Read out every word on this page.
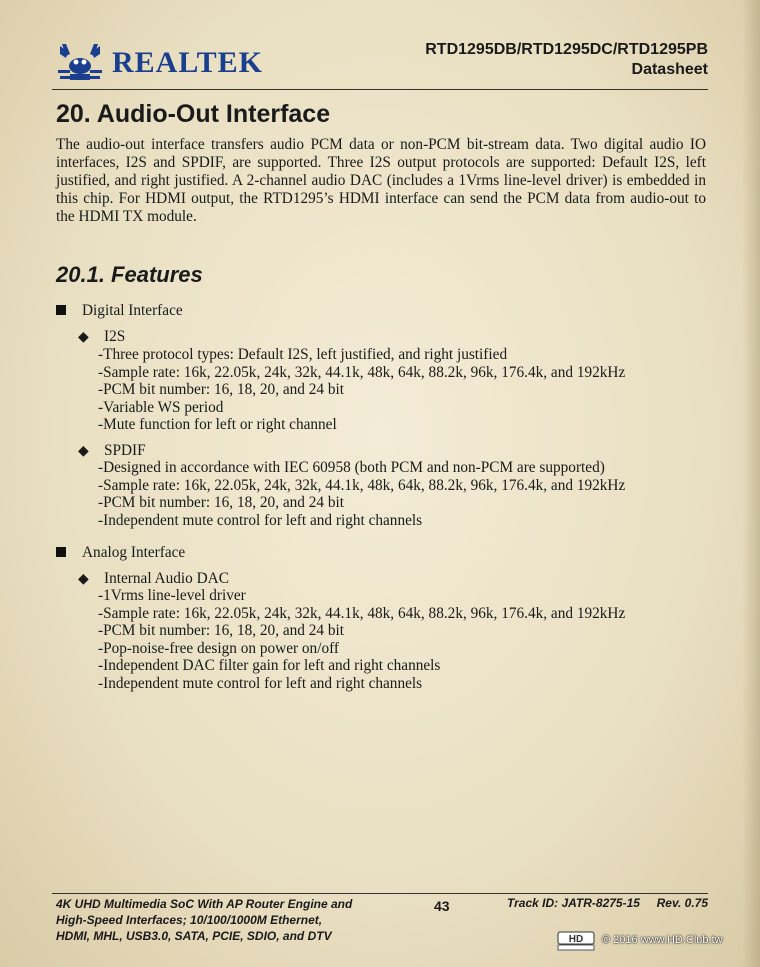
REALTEK	RTD1295DB/RTD1295DC/RTD1295PB
Datasheet
20. Audio-Out Interface

The audio-out interface transfers audio PCM data or non-PCM bit-stream data. Two digital audio IO interfaces, I2S and SPDIF, are supported. Three I2S output protocols are supported: Default I2S, left justified, and right justified. A 2-channel audio DAC (includes a 1Vrms line-level driver) is embedded in this chip. For HDMI output, the RTD1295’s HDMI interface can send the PCM data from audio-out to the HDMI TX module.

20.1. Features
Digital Interface
◆ I2S
-Three protocol types: Default I2S, left justified, and right justified
-Sample rate: 16k, 22.05k, 24k, 32k, 44.1k, 48k, 64k, 88.2k, 96k, 176.4k, and 192kHz
-PCM bit number: 16, 18, 20, and 24 bit
-Variable WS period
-Mute function for left or right channel
◆ SPDIF
-Designed in accordance with IEC 60958 (both PCM and non-PCM are supported)
-Sample rate: 16k, 22.05k, 24k, 32k, 44.1k, 48k, 64k, 88.2k, 96k, 176.4k, and 192kHz
-PCM bit number: 16, 18, 20, and 24 bit
-Independent mute control for left and right channels
Analog Interface
◆ Internal Audio DAC
-1Vrms line-level driver
-Sample rate: 16k, 22.05k, 24k, 32k, 44.1k, 48k, 64k, 88.2k, 96k, 176.4k, and 192kHz
-PCM bit number: 16, 18, 20, and 24 bit
-Pop-noise-free design on power on/off
-Independent DAC filter gain for left and right channels
-Independent mute control for left and right channels
4K UHD Multimedia SoC With AP Router Engine and
High-Speed Interfaces; 10/100/1000M Ethernet,
HDMI, MHL, USB3.0, SATA, PCIE, SDIO, and DTV
43	Track ID: JATR-8275-15     Rev. 0.75
HD © 2016 www.HD.Club.tw
